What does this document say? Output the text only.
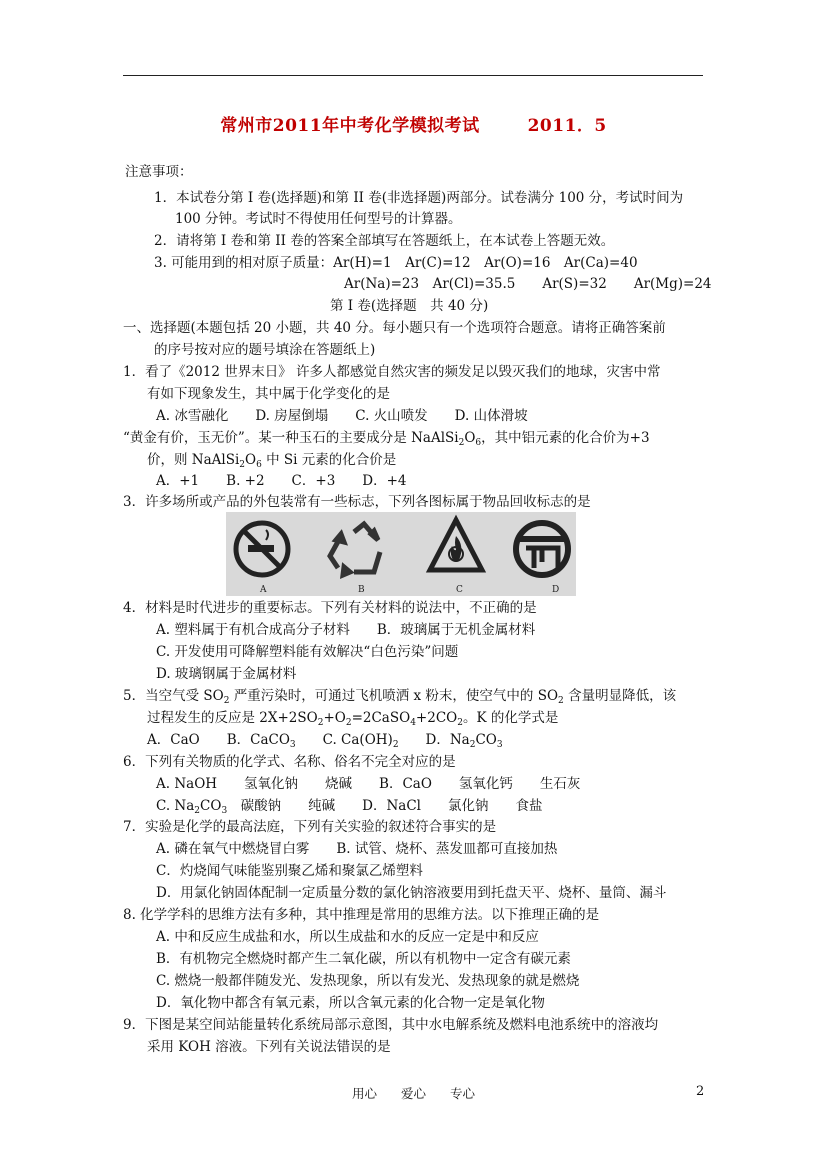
常州市2011年中考化学模拟考试	2011．5
注意事项：
1．本试卷分第 I 卷(选择题)和第 II 卷(非选择题)两部分。试卷满分 100 分，考试时间为
100 分钟。考试时不得使用任何型号的计算器。
2．请将第 I 卷和第 II 卷的答案全部填写在答题纸上，在本试卷上答题无效。
3. 可能用到的相对原子质量：Ar(H)=1　Ar(C)=12　Ar(O)=16　Ar(Ca)=40
Ar(Na)=23　Ar(Cl)=35.5　　Ar(S)=32　　Ar(Mg)=24
第 I 卷(选择题　共 40 分)
一、选择题(本题包括 20 小题，共 40 分。每小题只有一个选项符合题意。请将正确答案前
的序号按对应的题号填涂在答题纸上)
1．看了《2012 世界末日》 许多人都感觉自然灾害的频发足以毁灭我们的地球，灾害中常
有如下现象发生，其中属于化学变化的是
A. 冰雪融化　　D. 房屋倒塌　　C. 火山喷发　　D. 山体滑坡
“黄金有价，玉无价”。某一种玉石的主要成分是 $NaAlSi_2O_6$，其中铝元素的化合价为+3
价，则 $NaAlSi_2O_6$ 中 Si 元素的化合价是
A．+1　　B. +2　　C．+3　　D．+4
3．许多场所或产品的外包装常有一些标志，下列各图标属于物品回收标志的是
A	B	C	D
4．材料是时代进步的重要标志。下列有关材料的说法中，不正确的是
A. 塑料属于有机合成高分子材料　　B．玻璃属于无机金属材料
C. 开发使用可降解塑料能有效解决“白色污染”问题
D. 玻璃钢属于金属材料
5．当空气受 $SO_2$ 严重污染时，可通过飞机喷洒 x 粉末，使空气中的 $SO_2$ 含量明显降低，该
过程发生的反应是 $2X+2SO_2+O_2=2CaSO_4+2CO_2$。K 的化学式是
A．CaO　　B．CaCO$_3$　　C. $Ca(OH)_2$　　D．$Na_2CO_3$
6．下列有关物质的化学式、名称、俗名不完全对应的是
A. NaOH　　氢氧化钠　　烧碱　　B．CaO　　氢氧化钙　　生石灰
C. $Na_2CO_3$　碳酸钠　　纯碱　　D．NaCl　　氯化钠　　食盐
7．实验是化学的最高法庭，下列有关实验的叙述符合事实的是
A. 磷在氧气中燃烧冒白雾　　B. 试管、烧杯、蒸发皿都可直接加热
C．灼烧闻气味能鉴别聚乙烯和聚氯乙烯塑料
D．用氯化钠固体配制一定质量分数的氯化钠溶液要用到托盘天平、烧杯、量筒、漏斗
8. 化学学科的思维方法有多种，其中推理是常用的思维方法。以下推理正确的是
A. 中和反应生成盐和水，所以生成盐和水的反应一定是中和反应
B．有机物完全燃烧时都产生二氧化碳，所以有机物中一定含有碳元素
C. 燃烧一般都伴随发光、发热现象，所以有发光、发热现象的就是燃烧
D．氧化物中都含有氧元素，所以含氧元素的化合物一定是氧化物
9．下图是某空间站能量转化系统局部示意图，其中水电解系统及燃料电池系统中的溶液均
采用 KOH 溶液。下列有关说法错误的是
用心 爱心 专心	2
